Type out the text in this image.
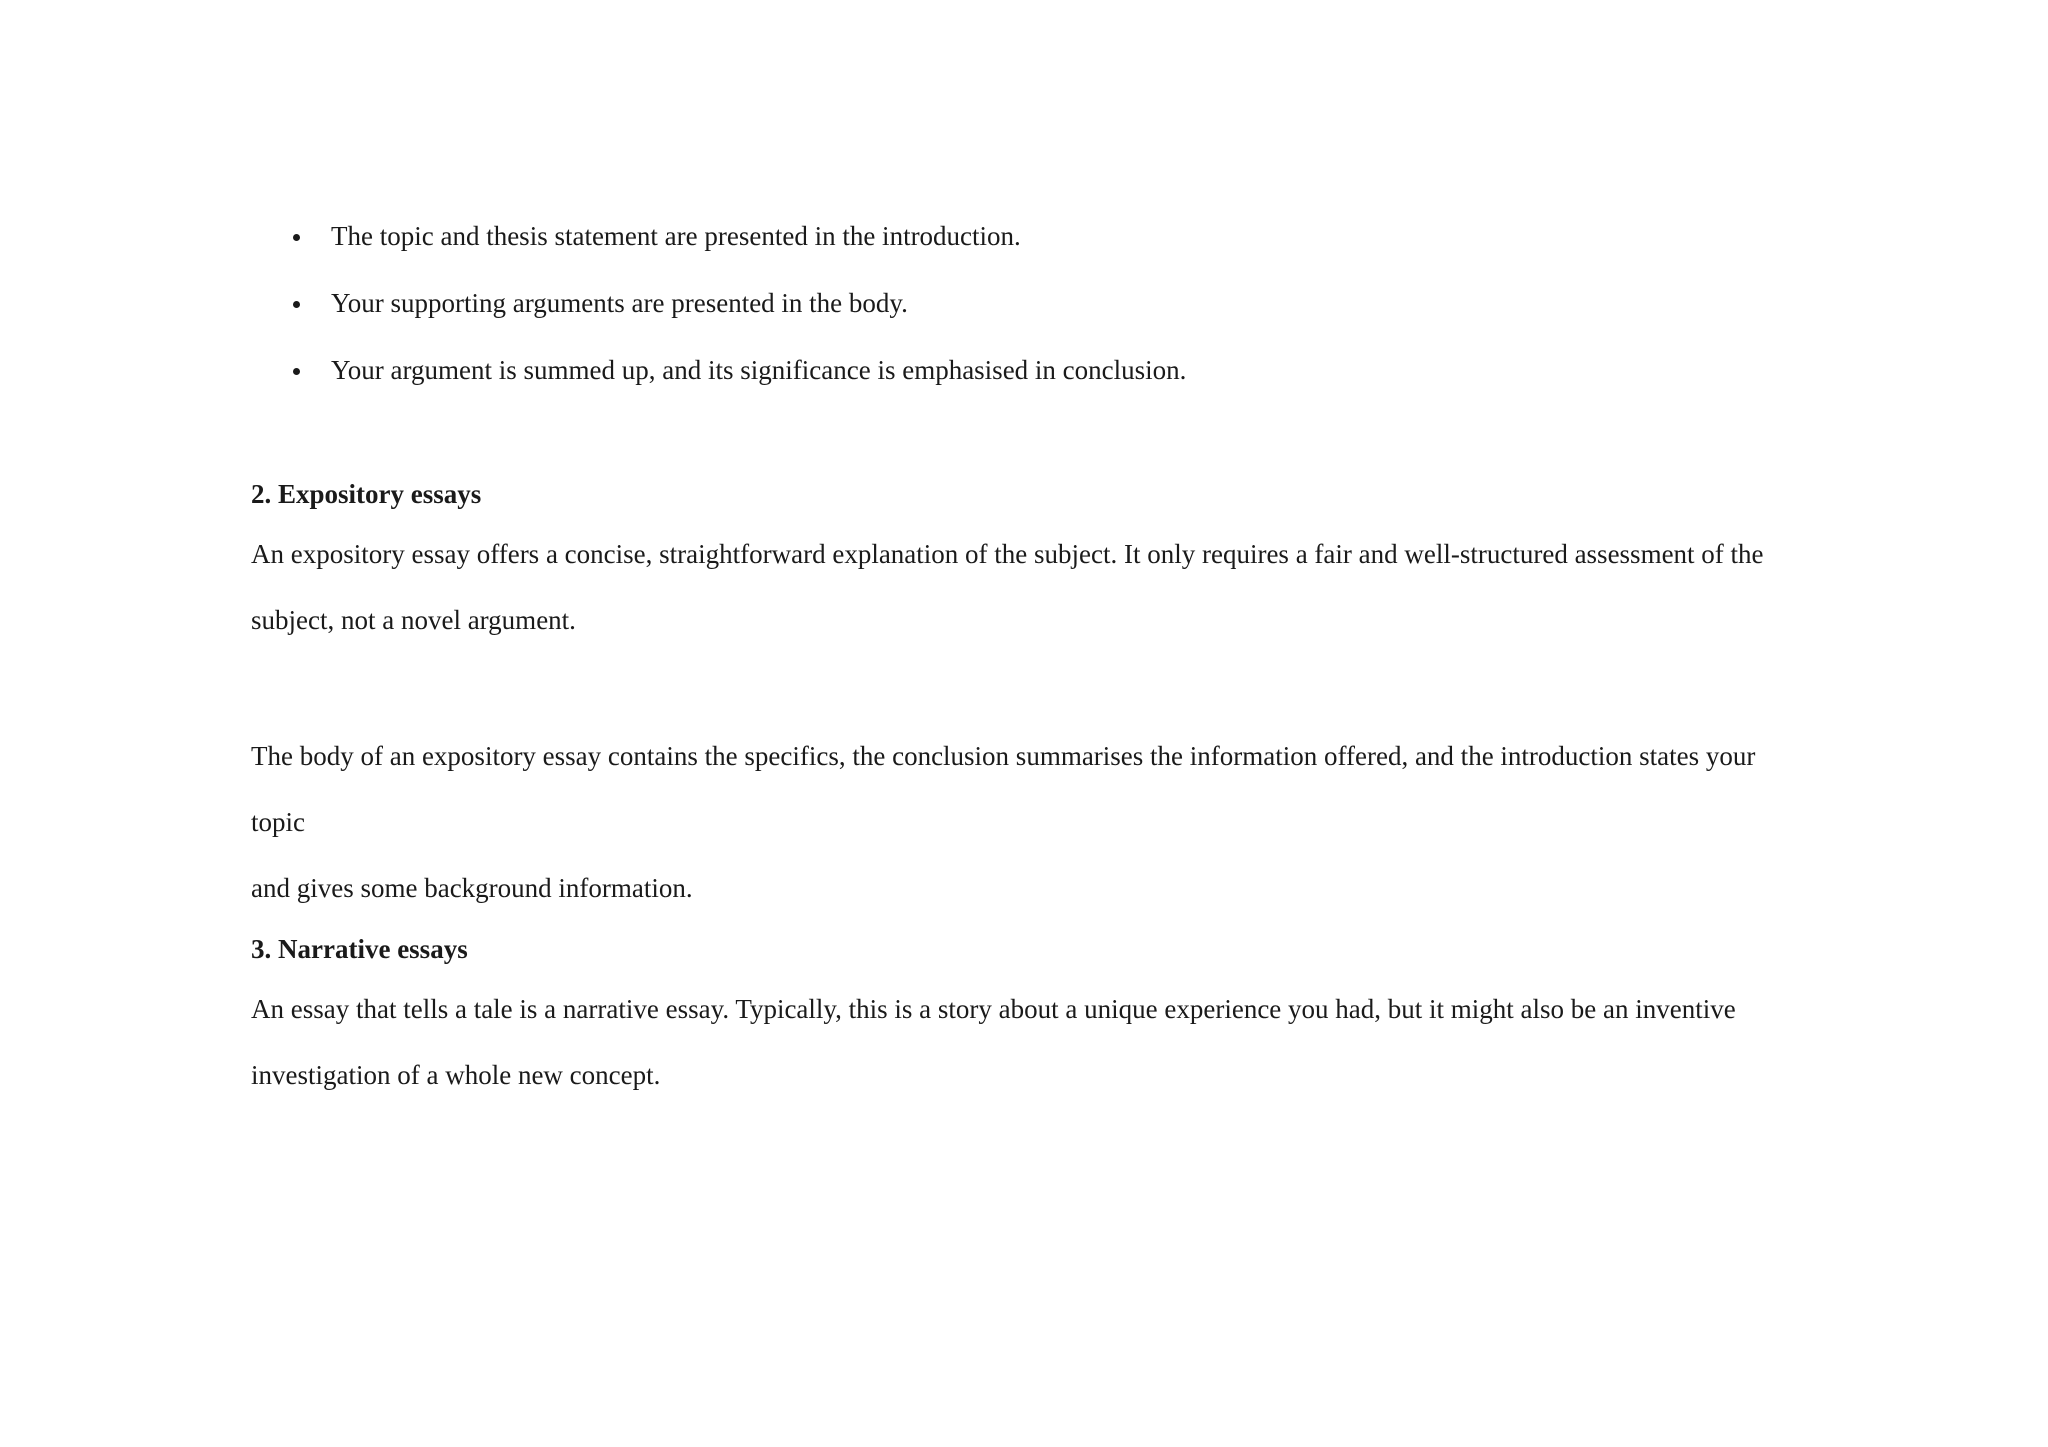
The topic and thesis statement are presented in the introduction.
Your supporting arguments are presented in the body.
Your argument is summed up, and its significance is emphasised in conclusion.
2. Expository essays

An expository essay offers a concise, straightforward explanation of the subject. It only requires a fair and well-structured assessment of the
subject, not a novel argument.

The body of an expository essay contains the specifics, the conclusion summarises the information offered, and the introduction states your topic
and gives some background information.

3. Narrative essays

An essay that tells a tale is a narrative essay. Typically, this is a story about a unique experience you had, but it might also be an inventive
investigation of a whole new concept.
